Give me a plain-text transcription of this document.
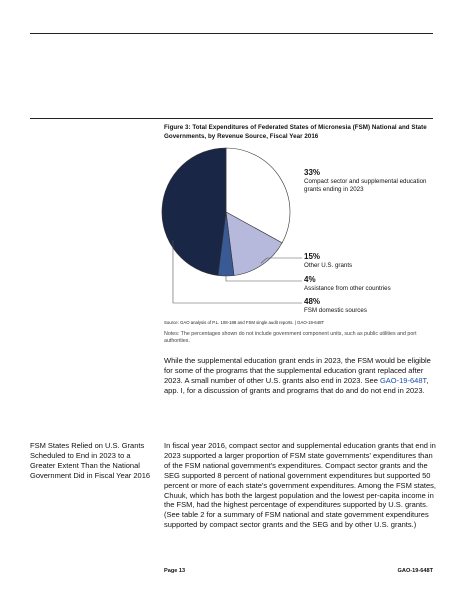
Figure 3: Total Expenditures of Federated States of Micronesia (FSM) National and State Governments, by Revenue Source, Fiscal Year 2016
33%
Compact sector and supplemental education grants ending in 2023
15%
Other U.S. grants
4%
Assistance from other countries
48%
FSM domestic sources
Source: GAO analysis of P.L. 108-188 and FSM single audit reports. | GAO-19-648T
Notes: The percentages shown do not include government component units, such as public utilities and port authorities.
While the supplemental education grant ends in 2023, the FSM would be eligible for some of the programs that the supplemental education grant replaced after 2023. A small number of other U.S. grants also end in 2023. See GAO-19-648T, app. I, for a discussion of grants and programs that do and do not end in 2023.
FSM States Relied on U.S. Grants Scheduled to End in 2023 to a Greater Extent Than the National Government Did in Fiscal Year 2016
In fiscal year 2016, compact sector and supplemental education grants that end in 2023 supported a larger proportion of FSM state governments' expenditures than of the FSM national government's expenditures. Compact sector grants and the SEG supported 8 percent of national government expenditures but supported 50 percent or more of each state's government expenditures. Among the FSM states, Chuuk, which has both the largest population and the lowest per-capita income in the FSM, had the highest percentage of expenditures supported by U.S. grants. (See table 2 for a summary of FSM national and state government expenditures supported by compact sector grants and the SEG and by other U.S. grants.)
Page 13	GAO-19-648T
